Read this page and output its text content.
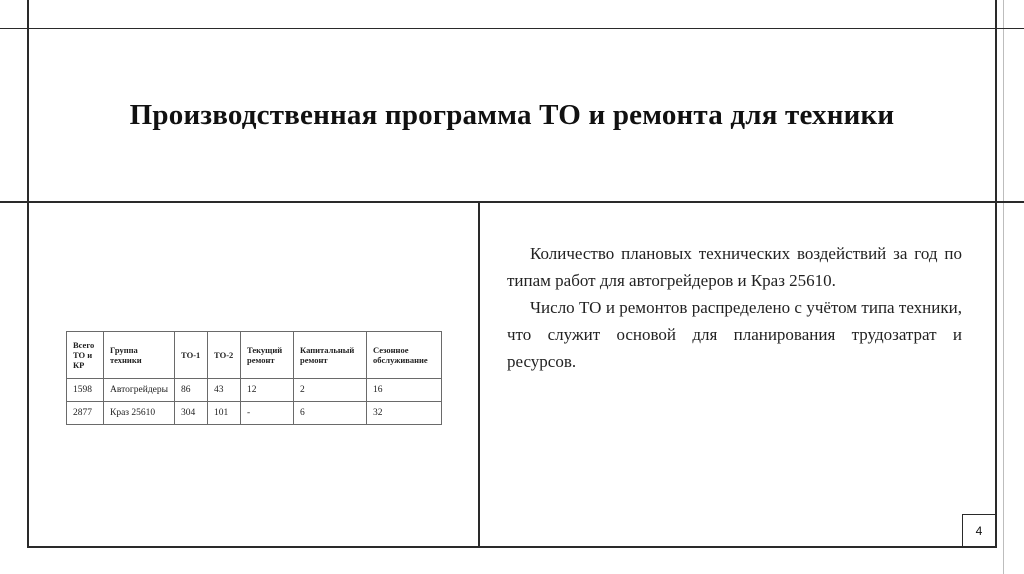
Производственная программа ТО и ремонта для техники
Всего ТО и КР	Группа техники	ТО-1	ТО-2	Текущий ремонт	Капитальный ремонт	Сезонное обслуживание
1598	Автогрейдеры	86	43	12	2	16
2877	Краз 25610	304	101	-	6	32

Количество плановых технических воздействий за год по типам работ для автогрейдеров и Краз 25610.

Число ТО и ремонтов распределено с учётом типа техники, что служит основой для планирования трудозатрат и ресурсов.

4
